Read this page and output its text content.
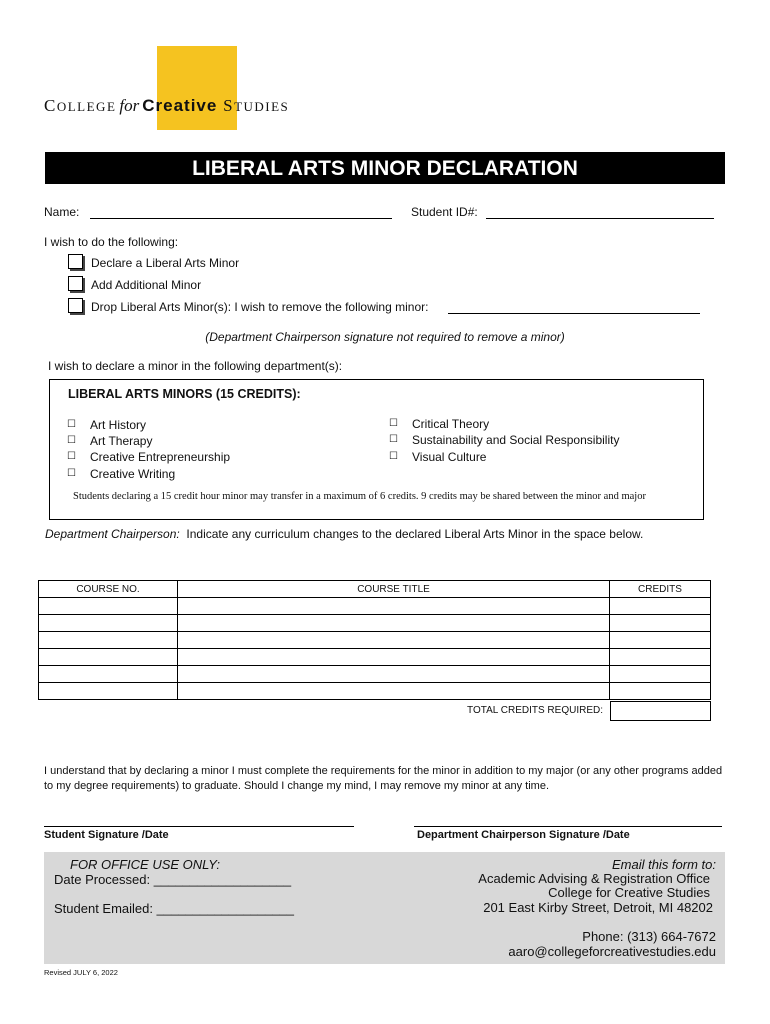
COLLEGE for Creative STUDIES
LIBERAL ARTS MINOR DECLARATION
Name:	Student ID#:
I wish to do the following:
Declare a Liberal Arts Minor
Add Additional Minor
Drop Liberal Arts Minor(s): I wish to remove the following minor:
(Department Chairperson signature not required to remove a minor)
I wish to declare a minor in the following department(s):
LIBERAL ARTS MINORS (15 CREDITS):
☐ Art History
☐ Art Therapy
☐ Creative Entrepreneurship
☐ Creative Writing
☐ Critical Theory
☐ Sustainability and Social Responsibility
☐ Visual Culture
Students declaring a 15 credit hour minor may transfer in a maximum of 6 credits. 9 credits may be shared between the minor and major
Department Chairperson: Indicate any curriculum changes to the declared Liberal Arts Minor in the space below.
COURSE NO.	COURSE TITLE	CREDITS

TOTAL CREDITS REQUIRED:
I understand that by declaring a minor I must complete the requirements for the minor in addition to my major (or any other programs added to my degree requirements) to graduate. Should I change my mind, I may remove my minor at any time.
Student Signature /Date	Department Chairperson Signature /Date
FOR OFFICE USE ONLY:
Date Processed: ___________________
Student Emailed: ___________________
Email this form to:
Academic Advising & Registration Office
College for Creative Studies
201 East Kirby Street, Detroit, MI 48202
Phone: (313) 664-7672
aaro@collegeforcreativestudies.edu
Revised JULY 6, 2022
